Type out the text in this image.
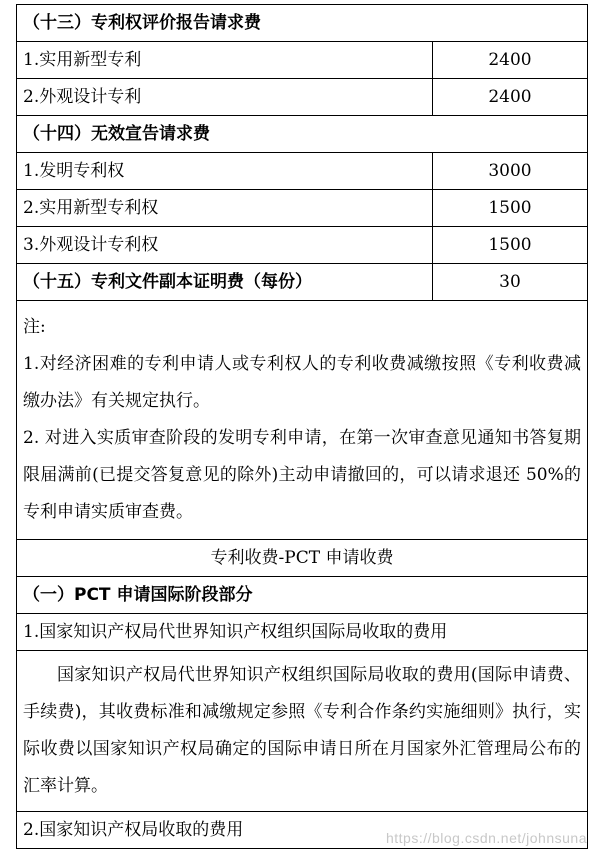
（十三）专利权评价报告请求费	
1.实用新型专利	2400
2.外观设计专利	2400
（十四）无效宣告请求费	
1.发明专利权	3000
2.实用新型专利权	1500
3.外观设计专利权	1500
（十五）专利文件副本证明费（每份）	30

注:

1.对经济困难的专利申请人或专利权人的专利收费减缴按照《专利收费减缴办法》有关规定执行。

2. 对进入实质审查阶段的发明专利申请，在第一次审查意见通知书答复期限届满前(已提交答复意见的除外)主动申请撤回的，可以请求退还 50%的专利申请实质审查费。	

专利收费-PCT 申请收费	
（一）PCT 申请国际阶段部分	
1.国家知识产权局代世界知识产权组织国际局收取的费用	

国家知识产权局代世界知识产权组织国际局收取的费用(国际申请费、手续费)，其收费标准和减缴规定参照《专利合作条约实施细则》执行，实际收费以国家知识产权局确定的国际申请日所在月国家外汇管理局公布的汇率计算。	

2.国家知识产权局收取的费用		https://blog.csdn.net/johnsuna
